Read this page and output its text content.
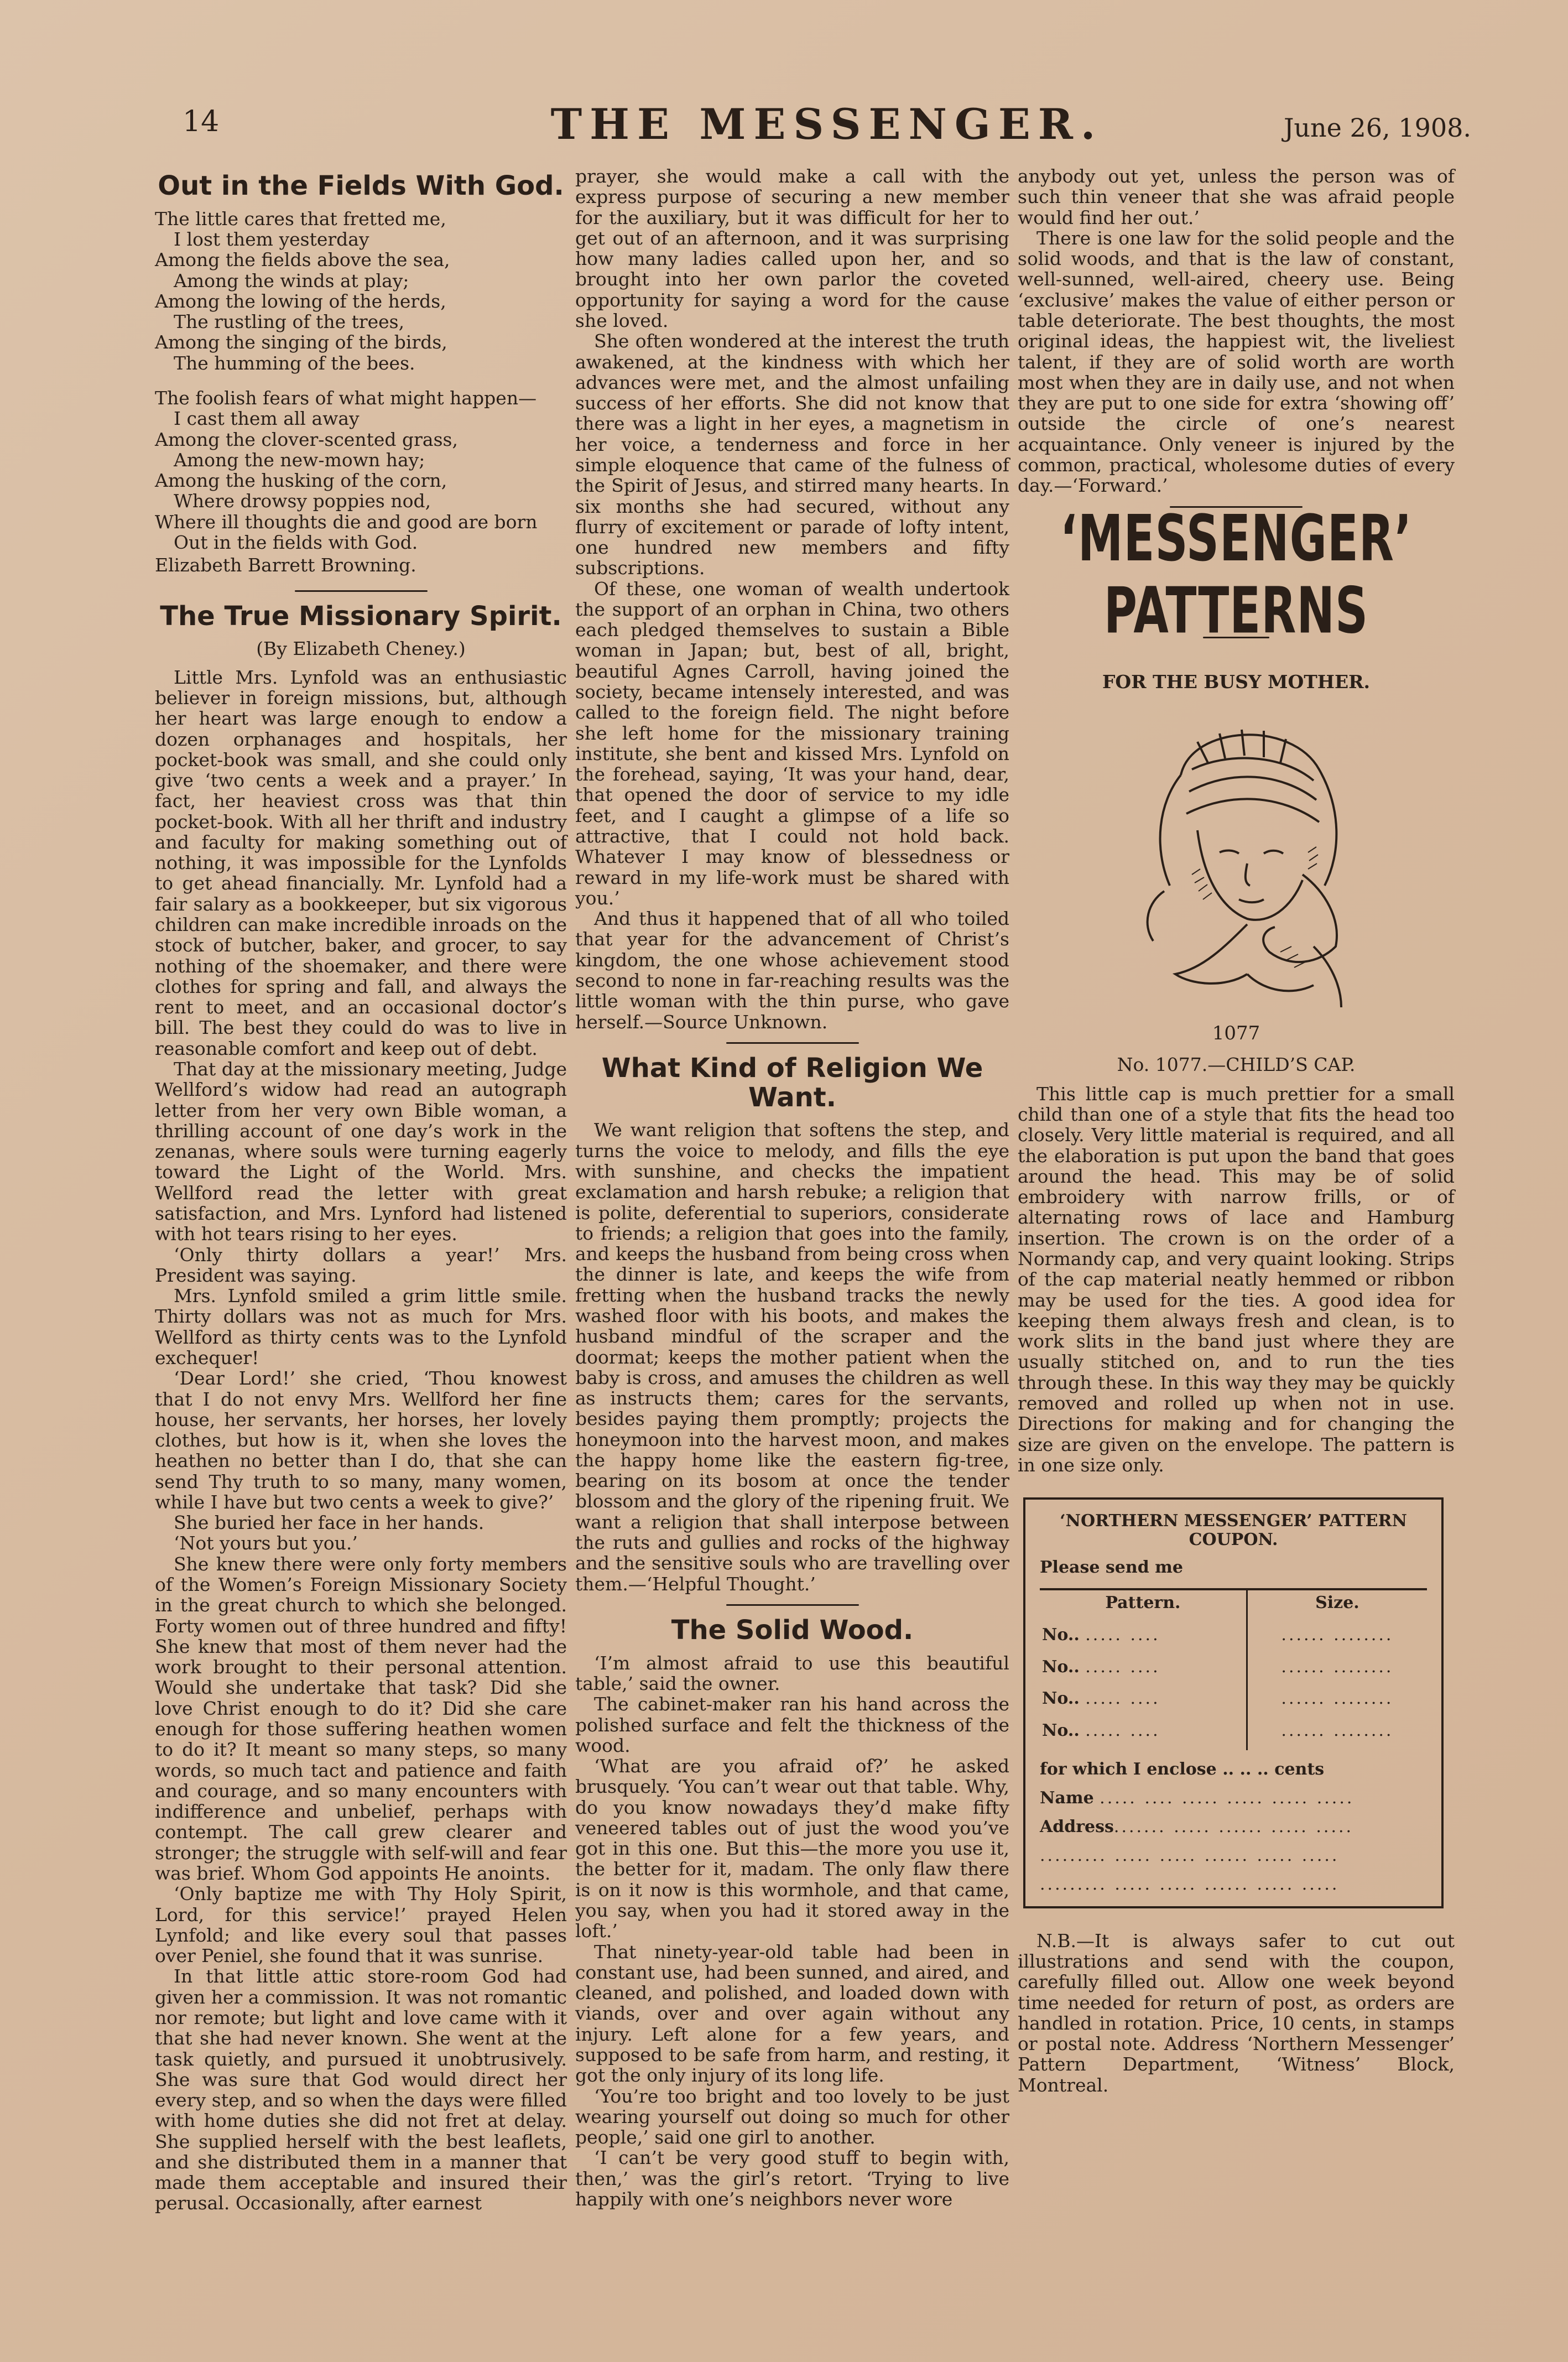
14	THE MESSENGER.	June 26, 1908.
Out in the Fields With God.

The little cares that fretted me,

I lost them yesterday

Among the fields above the sea,

Among the winds at play;

Among the lowing of the herds,

The rustling of the trees,

Among the singing of the birds,

The humming of the bees.

The foolish fears of what might happen—

I cast them all away

Among the clover-scented grass,

Among the new-mown hay;

Among the husking of the corn,

Where drowsy poppies nod,

Where ill thoughts die and good are born

Out in the fields with God.

Elizabeth Barrett Browning.

The True Missionary Spirit.
(By Elizabeth Cheney.)

Little Mrs. Lynfold was an enthusiastic believer in foreign missions, but, although her heart was large enough to endow a dozen orphanages and hospitals, her pocket-book was small, and she could only give ‘two cents a week and a prayer.’ In fact, her heaviest cross was that thin pocket-book. With all her thrift and industry and faculty for making something out of nothing, it was impossible for the Lynfolds to get ahead financially. Mr. Lynfold had a fair salary as a bookkeeper, but six vigorous children can make incredible inroads on the stock of butcher, baker, and grocer, to say nothing of the shoemaker, and there were clothes for spring and fall, and always the rent to meet, and an occasional doctor’s bill. The best they could do was to live in reasonable comfort and keep out of debt.

That day at the missionary meeting, Judge Wellford’s widow had read an autograph letter from her very own Bible woman, a thrilling account of one day’s work in the zenanas, where souls were turning eagerly toward the Light of the World. Mrs. Wellford read the letter with great satisfaction, and Mrs. Lynford had listened with hot tears rising to her eyes.

‘Only thirty dollars a year!’ Mrs. President was saying.

Mrs. Lynfold smiled a grim little smile. Thirty dollars was not as much for Mrs. Wellford as thirty cents was to the Lynfold exchequer!

‘Dear Lord!’ she cried, ‘Thou knowest that I do not envy Mrs. Wellford her fine house, her servants, her horses, her lovely clothes, but how is it, when she loves the heathen no better than I do, that she can send Thy truth to so many, many women, while I have but two cents a week to give?’

She buried her face in her hands.

‘Not yours but you.’

She knew there were only forty members of the Women’s Foreign Missionary Society in the great church to which she belonged. Forty women out of three hundred and fifty! She knew that most of them never had the work brought to their personal attention. Would she undertake that task? Did she love Christ enough to do it? Did she care enough for those suffering heathen women to do it? It meant so many steps, so many words, so much tact and patience and faith and courage, and so many encounters with indifference and unbelief, perhaps with contempt. The call grew clearer and stronger; the struggle with self-will and fear was brief. Whom God appoints He anoints.

‘Only baptize me with Thy Holy Spirit, Lord, for this service!’ prayed Helen Lynfold; and like every soul that passes over Peniel, she found that it was sunrise.

In that little attic store-room God had given her a commission. It was not romantic nor remote; but light and love came with it that she had never known. She went at the task quietly, and pursued it unobtrusively. She was sure that God would direct her every step, and so when the days were filled with home duties she did not fret at delay. She supplied herself with the best leaflets, and she distributed them in a manner that made them acceptable and insured their perusal. Occasionally, after earnest

prayer, she would make a call with the express purpose of securing a new member for the auxiliary, but it was difficult for her to get out of an afternoon, and it was surprising how many ladies called upon her, and so brought into her own parlor the coveted opportunity for saying a word for the cause she loved.

She often wondered at the interest the truth awakened, at the kindness with which her advances were met, and the almost unfailing success of her efforts. She did not know that there was a light in her eyes, a magnetism in her voice, a tenderness and force in her simple eloquence that came of the fulness of the Spirit of Jesus, and stirred many hearts. In six months she had secured, without any flurry of excitement or parade of lofty intent, one hundred new members and fifty subscriptions.

Of these, one woman of wealth undertook the support of an orphan in China, two others each pledged themselves to sustain a Bible woman in Japan; but, best of all, bright, beautiful Agnes Carroll, having joined the society, became intensely interested, and was called to the foreign field. The night before she left home for the missionary training institute, she bent and kissed Mrs. Lynfold on the forehead, saying, ‘It was your hand, dear, that opened the door of service to my idle feet, and I caught a glimpse of a life so attractive, that I could not hold back. Whatever I may know of blessedness or reward in my life-work must be shared with you.’

And thus it happened that of all who toiled that year for the advancement of Christ’s kingdom, the one whose achievement stood second to none in far-reaching results was the little woman with the thin purse, who gave herself.—Source Unknown.

What Kind of Religion We Want.

We want religion that softens the step, and turns the voice to melody, and fills the eye with sunshine, and checks the impatient exclamation and harsh rebuke; a religion that is polite, deferential to superiors, considerate to friends; a religion that goes into the family, and keeps the husband from being cross when the dinner is late, and keeps the wife from fretting when the husband tracks the newly washed floor with his boots, and makes the husband mindful of the scraper and the doormat; keeps the mother patient when the baby is cross, and amuses the children as well as instructs them; cares for the servants, besides paying them promptly; projects the honeymoon into the harvest moon, and makes the happy home like the eastern fig-tree, bearing on its bosom at once the tender blossom and the glory of the ripening fruit. We want a religion that shall interpose between the ruts and gullies and rocks of the highway and the sensitive souls who are travelling over them.—‘Helpful Thought.’

The Solid Wood.

‘I’m almost afraid to use this beautiful table,’ said the owner.

The cabinet-maker ran his hand across the polished surface and felt the thickness of the wood.

‘What are you afraid of?’ he asked brusquely. ‘You can’t wear out that table. Why, do you know nowadays they’d make fifty veneered tables out of just the wood you’ve got in this one. But this—the more you use it, the better for it, madam. The only flaw there is on it now is this wormhole, and that came, you say, when you had it stored away in the loft.’

That ninety-year-old table had been in constant use, had been sunned, and aired, and cleaned, and polished, and loaded down with viands, over and over again without any injury. Left alone for a few years, and supposed to be safe from harm, and resting, it got the only injury of its long life.

‘You’re too bright and too lovely to be just wearing yourself out doing so much for other people,’ said one girl to another.

‘I can’t be very good stuff to begin with, then,’ was the girl’s retort. ‘Trying to live happily with one’s neighbors never wore

anybody out yet, unless the person was of such thin veneer that she was afraid people would find her out.’

There is one law for the solid people and the solid woods, and that is the law of constant, well-sunned, well-aired, cheery use. Being ‘exclusive’ makes the value of either person or table deteriorate. The best thoughts, the most original ideas, the happiest wit, the liveliest talent, if they are of solid worth are worth most when they are in daily use, and not when they are put to one side for extra ‘showing off’ outside the circle of one’s nearest acquaintance. Only veneer is injured by the common, practical, wholesome duties of every day.—‘Forward.’

‘MESSENGER’ PATTERNS
FOR THE BUSY MOTHER.
1077
No. 1077.—CHILD’S CAP.

This little cap is much prettier for a small child than one of a style that fits the head too closely. Very little material is required, and all the elaboration is put upon the band that goes around the head. This may be of solid embroidery with narrow frills, or of alternating rows of lace and Hamburg insertion. The crown is on the order of a Normandy cap, and very quaint looking. Strips of the cap material neatly hemmed or ribbon may be used for the ties. A good idea for keeping them always fresh and clean, is to work slits in the band just where they are usually stitched on, and to run the ties through these. In this way they may be quickly removed and rolled up when not in use. Directions for making and for changing the size are given on the envelope. The pattern is in one size only.

‘NORTHERN MESSENGER’ PATTERN COUPON.
Please send me
Pattern.	Size.
No.. ..... ....	...... ........
No.. ..... ....	...... ........
No.. ..... ....	...... ........
No.. ..... ....	...... ........
for which I enclose .. .. .. cents
Name ..... .... ..... ..... ..... .....
Address....... ..... ...... ..... .....
......... ..... ..... ...... ..... .....
......... ..... ..... ...... ..... .....

N.B.—It is always safer to cut out illustrations and send with the coupon, carefully filled out. Allow one week beyond time needed for return of post, as orders are handled in rotation. Price, 10 cents, in stamps or postal note. Address ‘Northern Messenger’ Pattern Department, ‘Witness’ Block, Montreal.
